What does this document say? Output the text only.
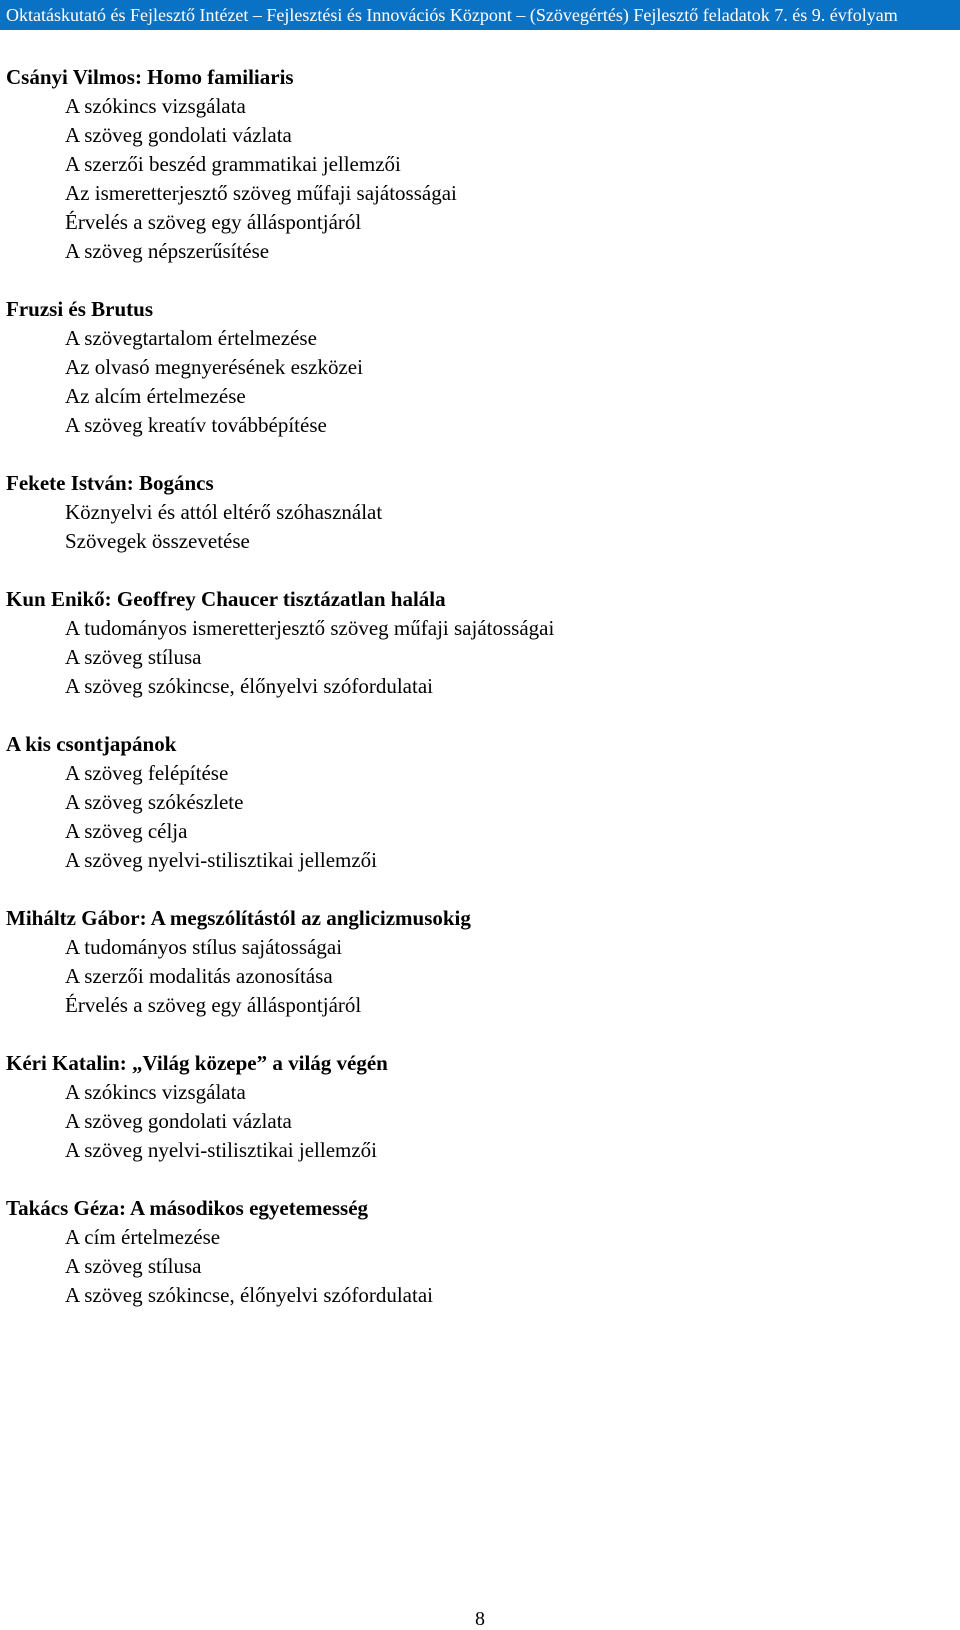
Oktatáskutató és Fejlesztő Intézet – Fejlesztési és Innovációs Központ – (Szövegértés) Fejlesztő feladatok 7. és 9. évfolyam
Csányi Vilmos: Homo familiaris
A szókincs vizsgálata
A szöveg gondolati vázlata
A szerzői beszéd grammatikai jellemzői
Az ismeretterjesztő szöveg műfaji sajátosságai
Érvelés a szöveg egy álláspontjáról
A szöveg népszerűsítése
Fruzsi és Brutus
A szövegtartalom értelmezése
Az olvasó megnyerésének eszközei
Az alcím értelmezése
A szöveg kreatív továbbépítése
Fekete István: Bogáncs
Köznyelvi és attól eltérő szóhasználat
Szövegek összevetése
Kun Enikő: Geoffrey Chaucer tisztázatlan halála
A tudományos ismeretterjesztő szöveg műfaji sajátosságai
A szöveg stílusa
A szöveg szókincse, élőnyelvi szófordulatai
A kis csontjapánok
A szöveg felépítése
A szöveg szókészlete
A szöveg célja
A szöveg nyelvi-stilisztikai jellemzői
Miháltz Gábor: A megszólítástól az anglicizmusokig
A tudományos stílus sajátosságai
A szerzői modalitás azonosítása
Érvelés a szöveg egy álláspontjáról
Kéri Katalin: „Világ közepe” a világ végén
A szókincs vizsgálata
A szöveg gondolati vázlata
A szöveg nyelvi-stilisztikai jellemzői
Takács Géza: A másodikos egyetemesség
A cím értelmezése
A szöveg stílusa
A szöveg szókincse, élőnyelvi szófordulatai
8
